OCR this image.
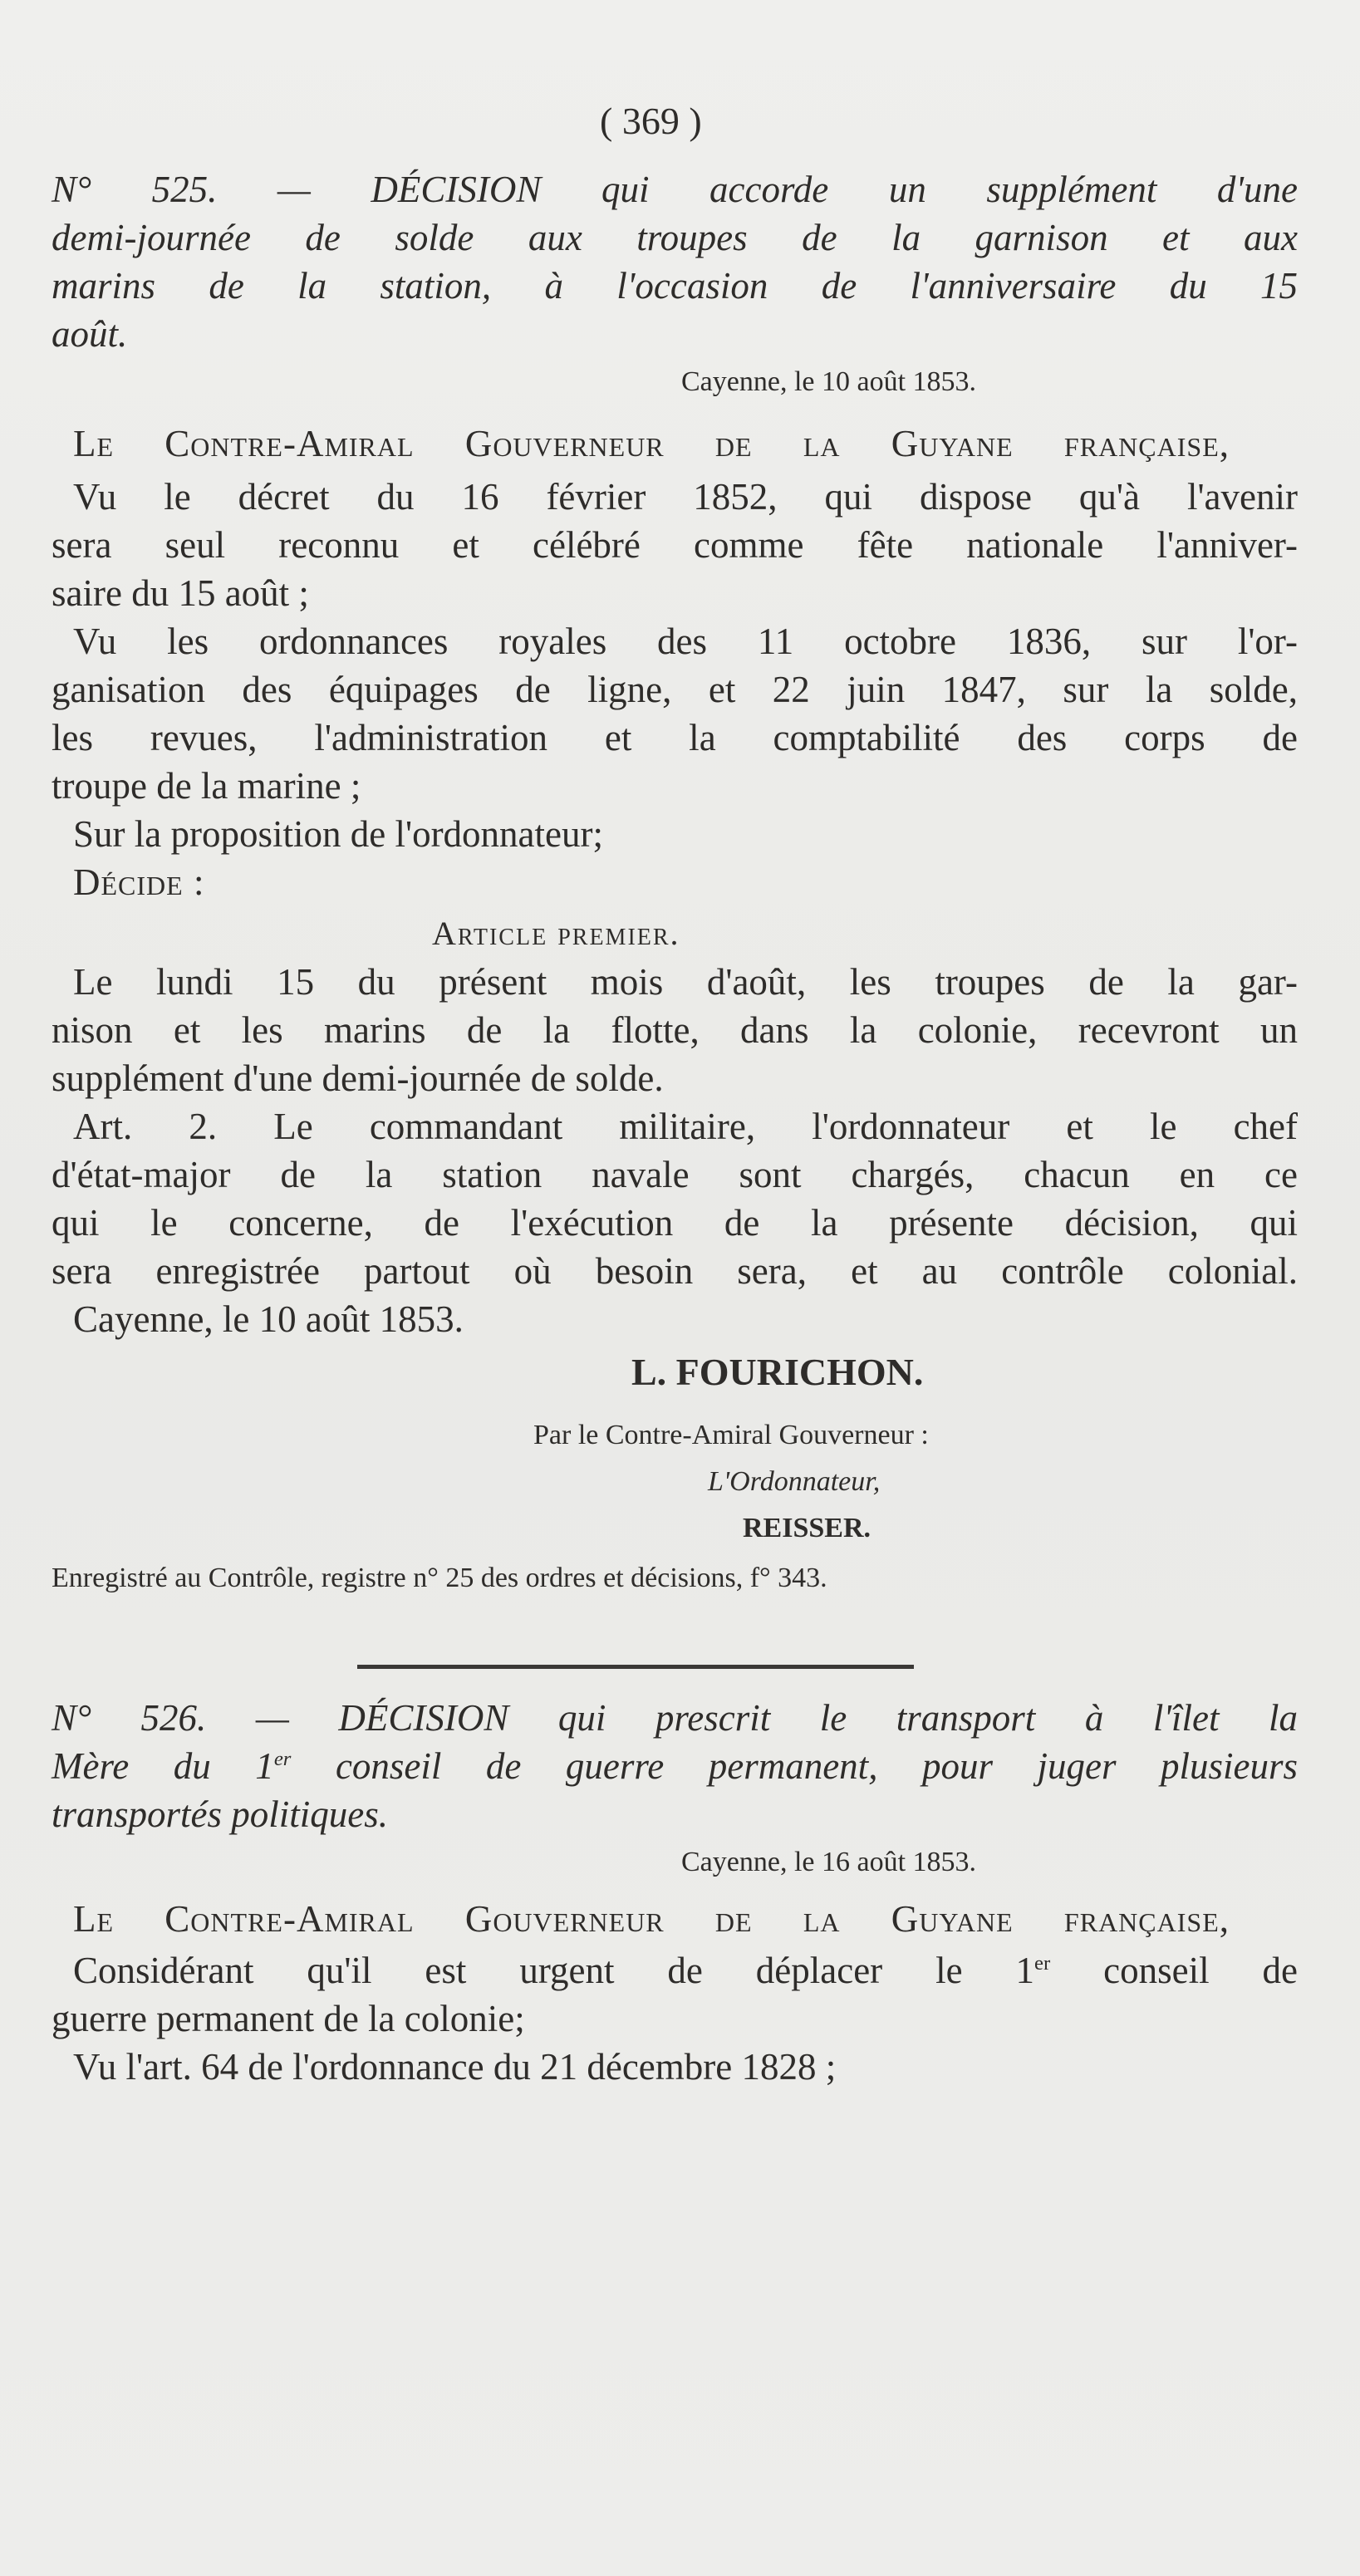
( 369 )
N° 525. — DÉCISION qui accorde un supplément d'une
demi-journée de solde aux troupes de la garnison et aux
marins de la station, à l'occasion de l'anniversaire du 15
août.
Cayenne, le 10 août 1853.
Le Contre-Amiral Gouverneur de la Guyane française,
Vu le décret du 16 février 1852, qui dispose qu'à l'avenir
sera seul reconnu et célébré comme fête nationale l'anniver-
saire du 15 août ;
Vu les ordonnances royales des 11 octobre 1836, sur l'or-
ganisation des équipages de ligne, et 22 juin 1847, sur la solde,
les revues, l'administration et la comptabilité des corps de
troupe de la marine ;
Sur la proposition de l'ordonnateur;
Décide :
Article premier.
Le lundi 15 du présent mois d'août, les troupes de la gar-
nison et les marins de la flotte, dans la colonie, recevront un
supplément d'une demi-journée de solde.
Art. 2. Le commandant militaire, l'ordonnateur et le chef
d'état-major de la station navale sont chargés, chacun en ce
qui le concerne, de l'exécution de la présente décision, qui
sera enregistrée partout où besoin sera, et au contrôle colonial.
Cayenne, le 10 août 1853.
L. FOURICHON.
Par le Contre-Amiral Gouverneur :
L'Ordonnateur,
REISSER.
Enregistré au Contrôle, registre n° 25 des ordres et décisions, f° 343.
N° 526. — DÉCISION qui prescrit le transport à l'îlet la
Mère du 1er conseil de guerre permanent, pour juger plusieurs
transportés politiques.
Cayenne, le 16 août 1853.
Le Contre-Amiral Gouverneur de la Guyane française,
Considérant qu'il est urgent de déplacer le 1er conseil de
guerre permanent de la colonie;
Vu l'art. 64 de l'ordonnance du 21 décembre 1828 ;
